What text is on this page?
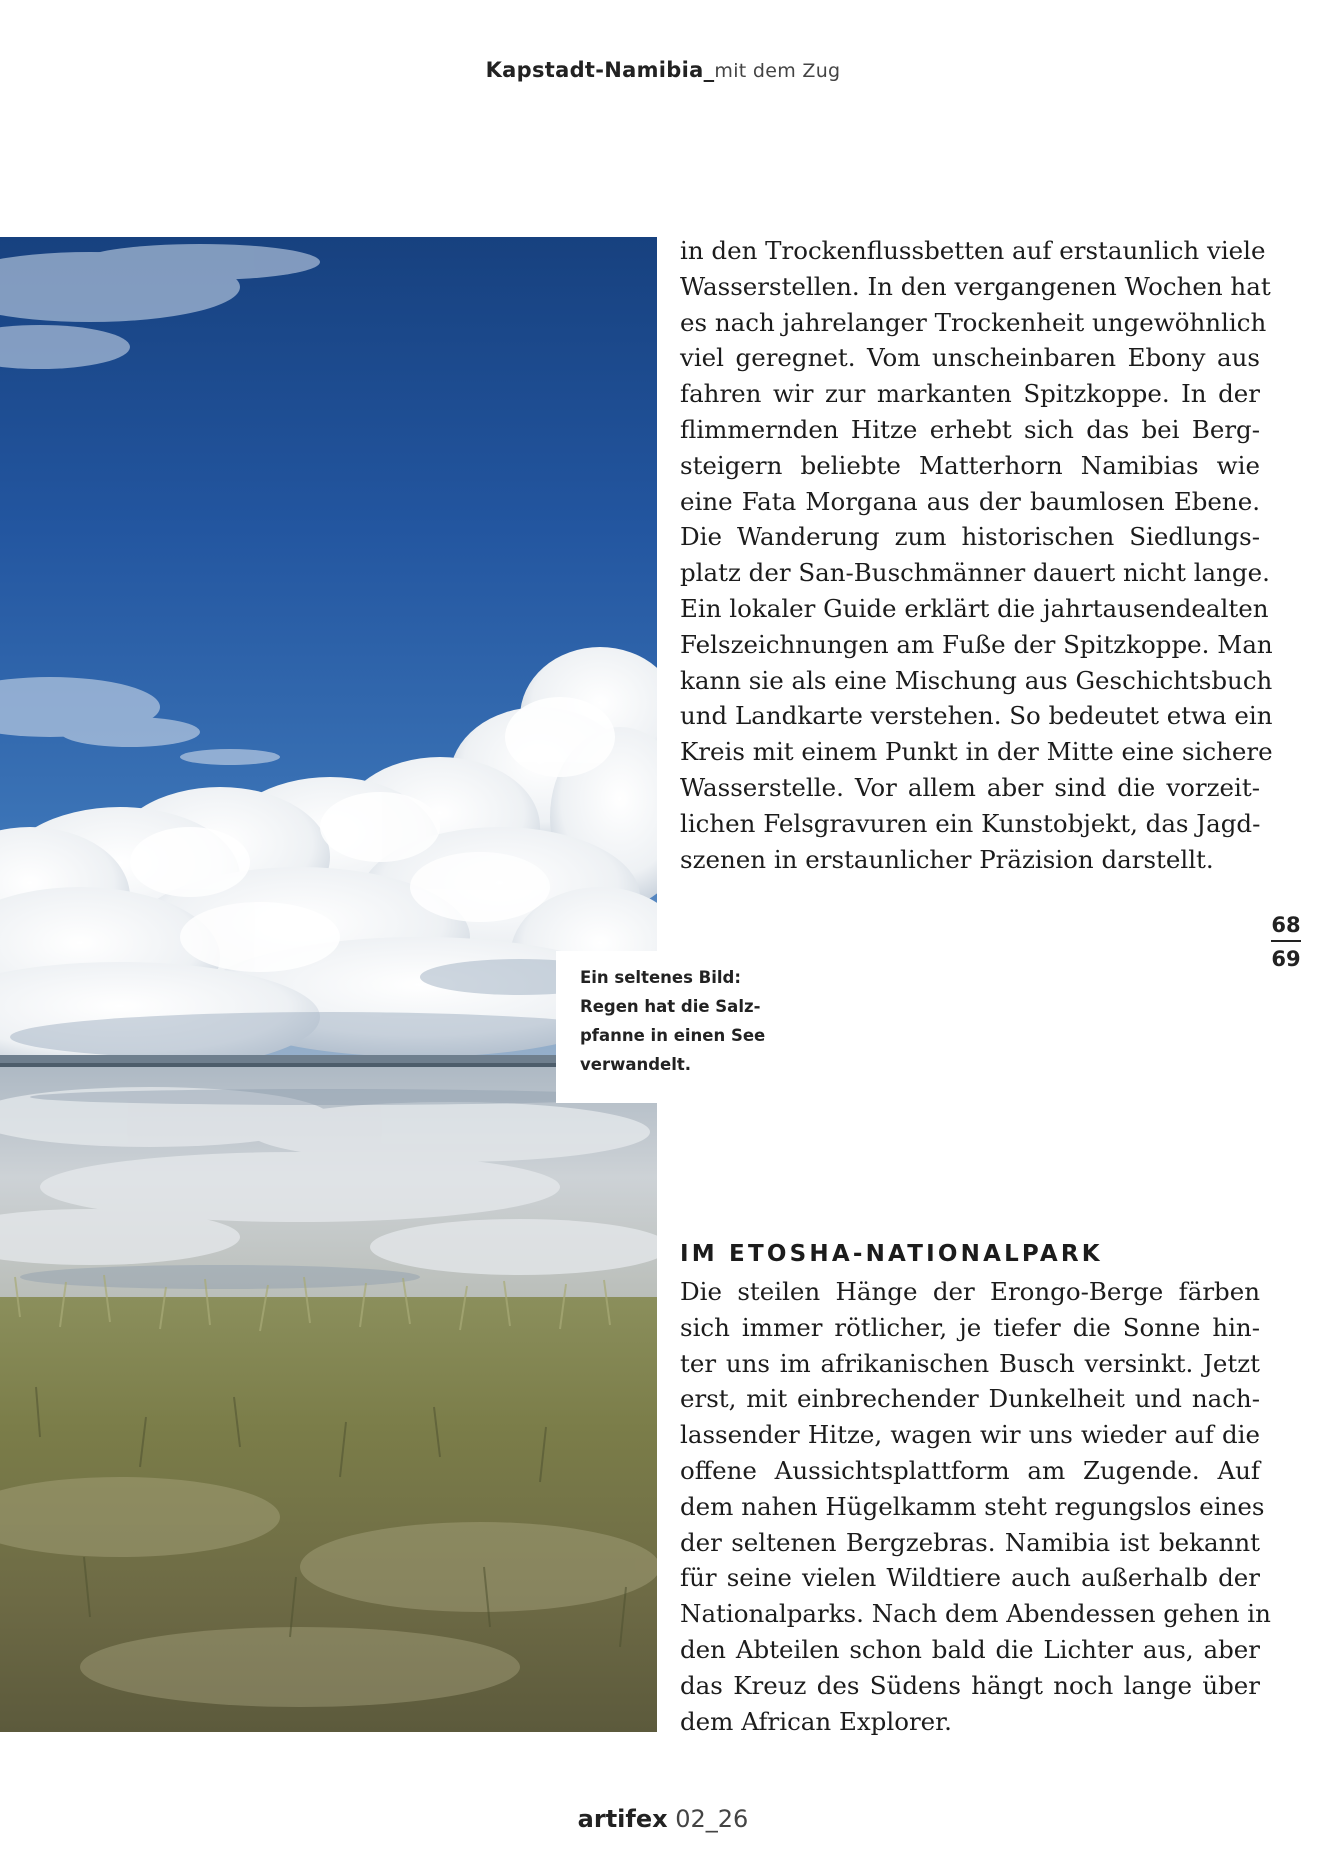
Kapstadt-Namibia_mit dem Zug

Ein seltenes Bild:

Regen hat die Salz-

pfanne in einen See

verwandelt.

in den Trockenflussbetten auf erstaunlich viele
Wasserstellen. In den vergangenen Wochen hat
es nach jahrelanger Trockenheit ungewöhnlich
viel geregnet. Vom unscheinbaren Ebony aus
fahren wir zur markanten Spitzkoppe. In der
flimmernden Hitze erhebt sich das bei Berg-
steigern beliebte Matterhorn Namibias wie
eine Fata Morgana aus der baumlosen Ebene.
Die Wanderung zum historischen Siedlungs-
platz der San-Buschmänner dauert nicht lange.
Ein lokaler Guide erklärt die jahrtausendealten
Felszeichnungen am Fuße der Spitzkoppe. Man
kann sie als eine Mischung aus Geschichtsbuch
und Landkarte verstehen. So bedeutet etwa ein
Kreis mit einem Punkt in der Mitte eine sichere
Wasserstelle. Vor allem aber sind die vorzeit-
lichen Felsgravuren ein Kunstobjekt, das Jagd-
szenen in erstaunlicher Präzision darstellt.
68
69
IM ETOSHA-NATIONALPARK
Die steilen Hänge der Erongo-Berge färben
sich immer rötlicher, je tiefer die Sonne hin-
ter uns im afrikanischen Busch versinkt. Jetzt
erst, mit einbrechender Dunkelheit und nach-
lassender Hitze, wagen wir uns wieder auf die
offene Aussichtsplattform am Zugende. Auf
dem nahen Hügelkamm steht regungslos eines
der seltenen Bergzebras. Namibia ist bekannt
für seine vielen Wildtiere auch außerhalb der
Nationalparks. Nach dem Abendessen gehen in
den Abteilen schon bald die Lichter aus, aber
das Kreuz des Südens hängt noch lange über
dem African Explorer.
artifex 02_26
